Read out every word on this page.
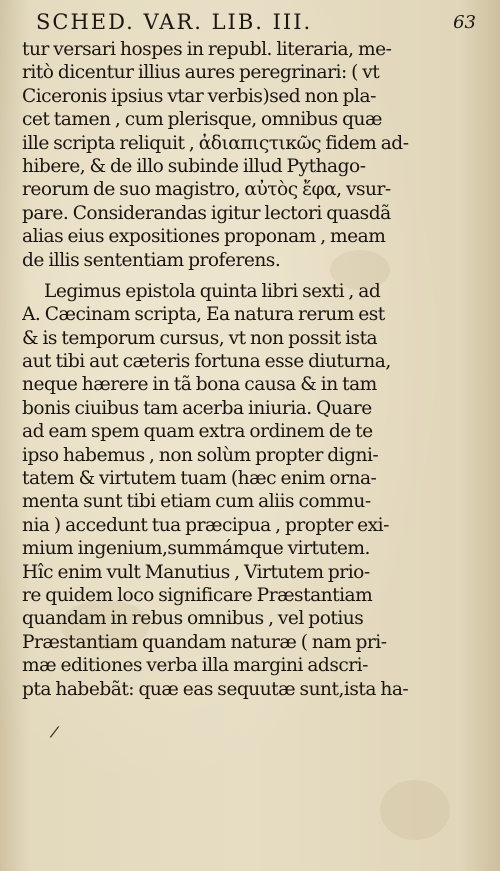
SCHED. VAR. LIB. III.	63
tur versari hospes in republ. literaria, me-
ritò dicentur illius aures peregrinari: ( vt
Ciceronis ipsius vtar verbis)sed non pla-
cet tamen , cum plerisque, omnibus quæ
ille scripta reliquit , ἀδιαπιςτικῶς fidem ad-
hibere, & de illo subinde illud Pythago-
reorum de suo magistro, αὐτὸς ἔφα, vsur-
pare. Considerandas igitur lectori quasdã
alias eius expositiones proponam , meam
de illis sententiam proferens.
Legimus epistola quinta libri sexti , ad
A. Cæcinam scripta, Ea natura rerum est
& is temporum cursus, vt non possit ista
aut tibi aut cæteris fortuna esse diuturna,
neque hærere in tã bona causa & in tam
bonis ciuibus tam acerba iniuria. Quare
ad eam spem quam extra ordinem de te
ipso habemus , non solùm propter digni-
tatem & virtutem tuam (hæc enim orna-
menta sunt tibi etiam cum aliis commu-
nia ) accedunt tua præcipua , propter exi-
mium ingenium,summámque virtutem.
Hîc enim vult Manutius , Virtutem prio-
re quidem loco significare Præstantiam
quandam in rebus omnibus , vel potius
Præstantiam quandam naturæ ( nam pri-
mæ editiones verba illa margini adscri-
pta habebãt: quæ eas sequutæ sunt,ista ha-
/
